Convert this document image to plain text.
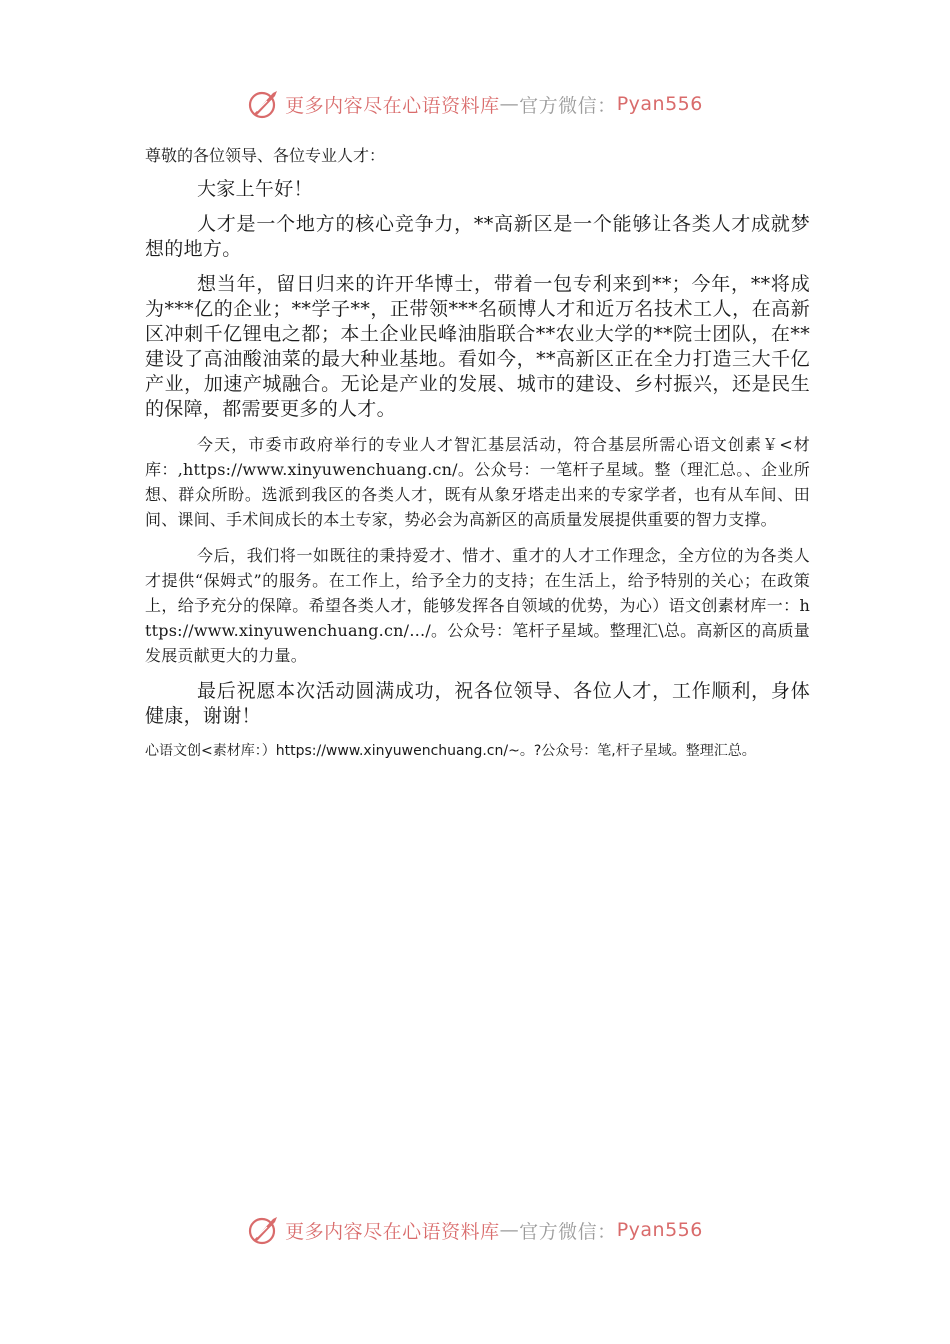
更多内容尽在心语资料库 — 官方微信： Pyan556

尊敬的各位领导、各位专业人才：

大家上午好！

人才是一个地方的核心竞争力，**高新区是一个能够让各类人才成就梦想的地方。

想当年，留日归来的许开华博士，带着一包专利来到**；今年，**将成为***亿的企业；**学子**，正带领***名硕博人才和近万名技术工人，在高新区冲刺千亿锂电之都；本土企业民峰油脂联合**农业大学的**院士团队，在**建设了高油酸油菜的最大种业基地。看如今，**高新区正在全力打造三大千亿产业，加速产城融合。无论是产业的发展、城市的建设、乡村振兴，还是民生的保障，都需要更多的人才。

今天，市委市政府举行的专业人才智汇基层活动，符合基层所需心语文创素￥<材库：,https://www.xinyuwenchuang.cn/。公众号：一笔杆子星域。整（理汇总。、企业所想、群众所盼。选派到我区的各类人才，既有从象牙塔走出来的专家学者，也有从车间、田间、课间、手术间成长的本土专家，势必会为高新区的高质量发展提供重要的智力支撑。

今后，我们将一如既往的秉持爱才、惜才、重才的人才工作理念，全方位的为各类人才提供“保姆式”的服务。在工作上，给予全力的支持；在生活上，给予特别的关心；在政策上，给予充分的保障。希望各类人才，能够发挥各自领域的优势，为心）语文创素材库一：https://www.xinyuwenchuang.cn/…/。公众号：笔杆子星域。整理汇\总。高新区的高质量发展贡献更大的力量。

最后祝愿本次活动圆满成功，祝各位领导、各位人才，工作顺利，身体健康，谢谢！

心语文创<素材库：）https://www.xinyuwenchuang.cn/~。?公众号：笔,杆子星域。整理汇总。

更多内容尽在心语资料库 — 官方微信： Pyan556
